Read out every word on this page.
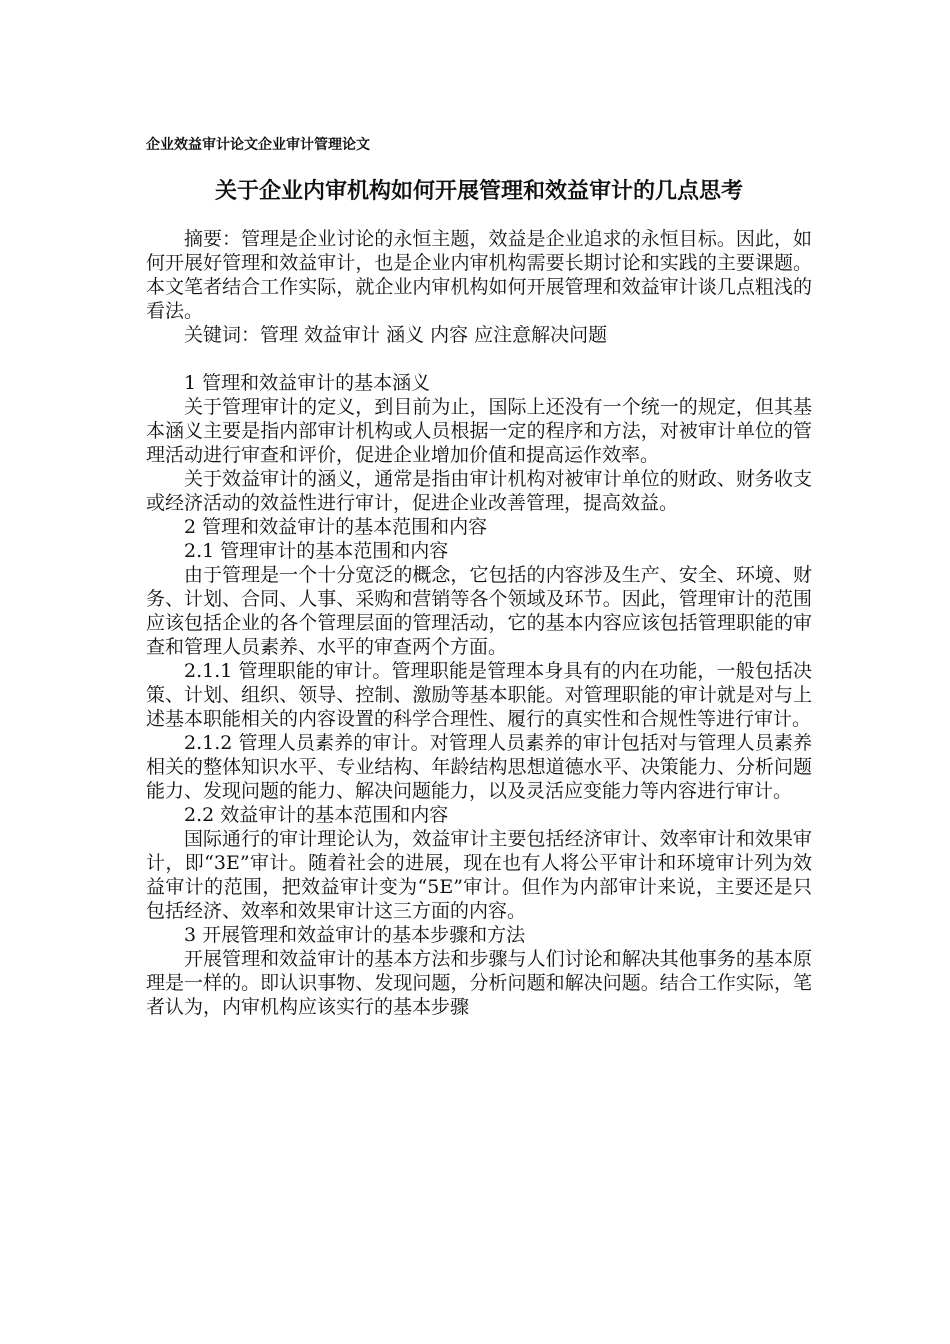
企业效益审计论文企业审计管理论文
关于企业内审机构如何开展管理和效益审计的几点思考

摘要：管理是企业讨论的永恒主题，效益是企业追求的永恒目标。因此，如何开展好管理和效益审计，也是企业内审机构需要长期讨论和实践的主要课题。本文笔者结合工作实际，就企业内审机构如何开展管理和效益审计谈几点粗浅的看法。

关键词：管理 效益审计 涵义 内容 应注意解决问题

1 管理和效益审计的基本涵义

关于管理审计的定义，到目前为止，国际上还没有一个统一的规定，但其基本涵义主要是指内部审计机构或人员根据一定的程序和方法，对被审计单位的管理活动进行审查和评价，促进企业增加价值和提高运作效率。

关于效益审计的涵义，通常是指由审计机构对被审计单位的财政、财务收支或经济活动的效益性进行审计，促进企业改善管理，提高效益。

2 管理和效益审计的基本范围和内容

2.1 管理审计的基本范围和内容

由于管理是一个十分宽泛的概念，它包括的内容涉及生产、安全、环境、财务、计划、合同、人事、采购和营销等各个领域及环节。因此，管理审计的范围应该包括企业的各个管理层面的管理活动，它的基本内容应该包括管理职能的审查和管理人员素养、水平的审查两个方面。

2.1.1 管理职能的审计。管理职能是管理本身具有的内在功能，一般包括决策、计划、组织、领导、控制、激励等基本职能。对管理职能的审计就是对与上述基本职能相关的内容设置的科学合理性、履行的真实性和合规性等进行审计。

2.1.2 管理人员素养的审计。对管理人员素养的审计包括对与管理人员素养相关的整体知识水平、专业结构、年龄结构思想道德水平、决策能力、分析问题能力、发现问题的能力、解决问题能力，以及灵活应变能力等内容进行审计。

2.2 效益审计的基本范围和内容

国际通行的审计理论认为，效益审计主要包括经济审计、效率审计和效果审计，即“3E”审计。随着社会的进展，现在也有人将公平审计和环境审计列为效益审计的范围，把效益审计变为“5E”审计。但作为内部审计来说，主要还是只包括经济、效率和效果审计这三方面的内容。

3 开展管理和效益审计的基本步骤和方法

开展管理和效益审计的基本方法和步骤与人们讨论和解决其他事务的基本原理是一样的。即认识事物、发现问题，分析问题和解决问题。结合工作实际，笔者认为，内审机构应该实行的基本步骤
